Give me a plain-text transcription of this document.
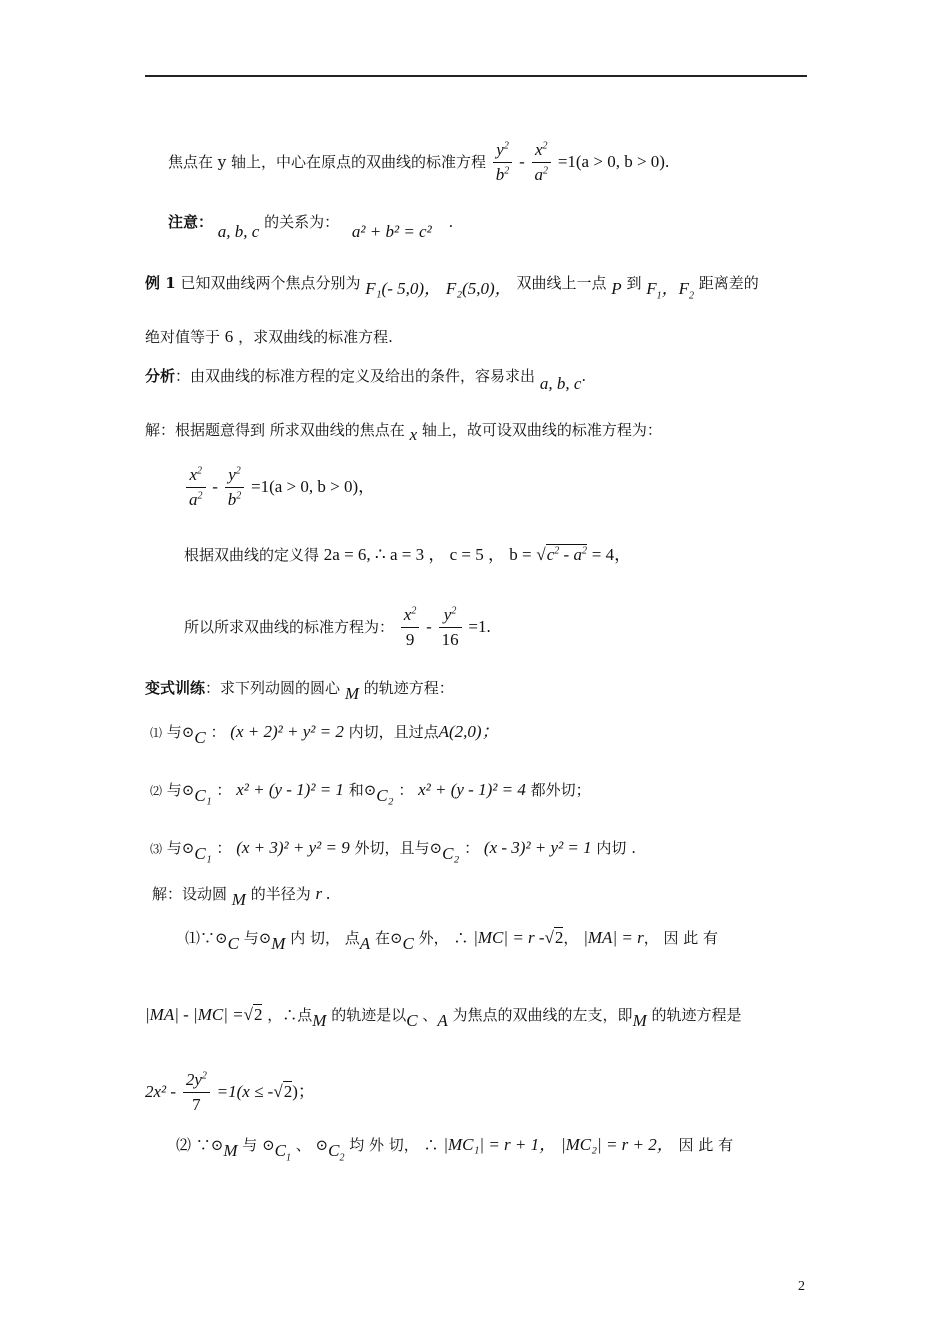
焦点在 y 轴上，中心在原点的双曲线的标准方程 $\frac{y^2}{b^2} - \frac{x^2}{a^2} =1(a > 0$, b > 0).
注意： a, b, c 的关系为： a² + b² = c² .
例 1 已知双曲线两个焦点分别为 F₁(- 5,0)， F₂(5,0)， 双曲线上一点 P 到 $F_1$，$F_2$ 距离差的
绝对值等于 6 ，求双曲线的标准方程.
分析：由双曲线的标准方程的定义及给出的条件，容易求出 a, b, c.
解：根据题意得到 所求双曲线的焦点在 x 轴上，故可设双曲线的标准方程为：
$\frac{x^2}{a^2} - \frac{y^2}{b^2} =1(a > 0$, b > 0)，
根据双曲线的定义得 2a = 6, ∴ a = 3 ， c = 5 ， $b = √c^2 - a^2 = 4$，
所以所求双曲线的标准方程为： $\frac{x^2}{9} - \frac{y^2}{16} =1$.
变式训练：求下列动圆的圆心 M 的轨迹方程：
⑴ 与⊙C ： (x + 2)² + y² = 2 内切，且过点A(2,0)；
⑵ 与⊙C₁ ： x² + (y - 1)² = 1 和⊙C₂ ： x² + (y - 1)² = 4 都外切；
⑶ 与⊙C₁ ： (x + 3)² + y² = 9 外切，且与⊙C₂ ： (x - 3)² + y² = 1 内切 .
解：设动圆 M 的半径为 r .
⑴∵⊙C 与⊙M 内 切， 点A 在⊙C 外， ∴ |MC| = r -√2， |MA| = r， 因 此 有
|MA| - |MC| =√2 ，∴点M 的轨迹是以C 、A 为焦点的双曲线的左支，即M 的轨迹方程是
$2x^2 - \frac{2y^2}{7} =1(x \le -√2)$；
⑵ ∵⊙M 与 $⊙C_1$ 、 $⊙C_2$ 均 外 切， ∴ |MC₁| = r + 1， |MC₂| = r + 2， 因 此 有
2
